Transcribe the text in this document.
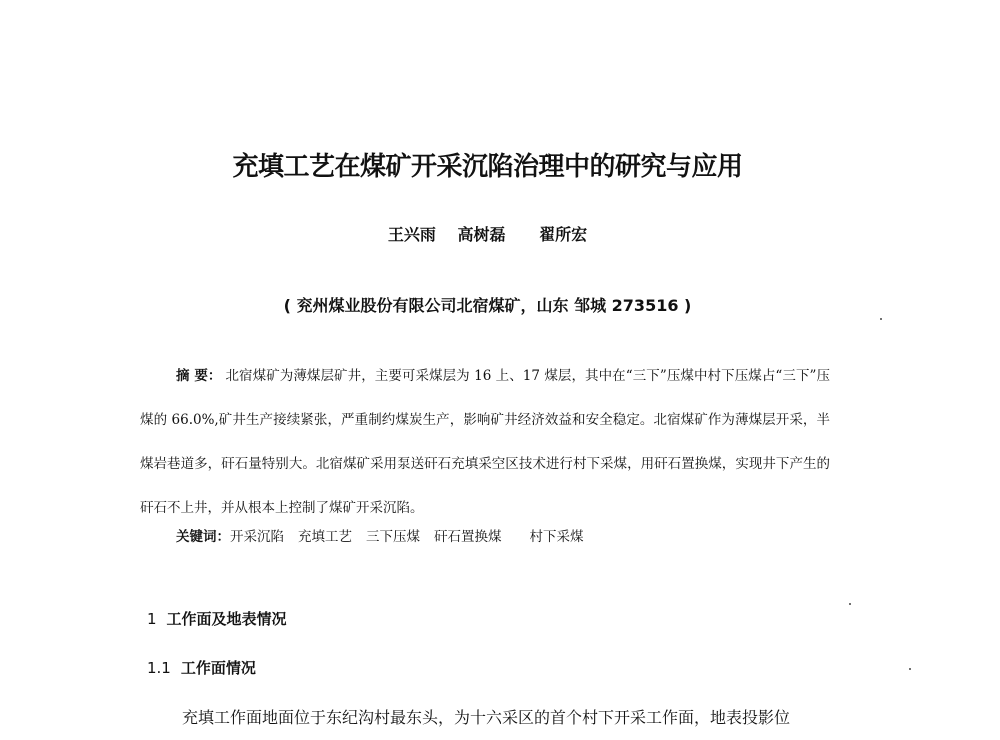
充填工艺在煤矿开采沉陷治理中的研究与应用
王兴雨 高树磊 翟所宏
( 兖州煤业股份有限公司北宿煤矿，山东 邹城 273516 )

摘 要： 北宿煤矿为薄煤层矿井，主要可采煤层为 16 上、17 煤层，其中在“三下”压煤中村下压煤占“三下”压煤的 66.0%,矿井生产接续紧张，严重制约煤炭生产，影响矿井经济效益和安全稳定。北宿煤矿作为薄煤层开采，半煤岩巷道多，矸石量特别大。北宿煤矿采用泵送矸石充填采空区技术进行村下采煤，用矸石置换煤，实现井下产生的矸石不上井，并从根本上控制了煤矿开采沉陷。

关键词：开采沉陷 充填工艺 三下压煤 矸石置换煤 村下采煤
1 工作面及地表情况
1.1 工作面情况

充填工作面地面位于东纪沟村最东头，为十六采区的首个村下开采工作面，地表投影位
